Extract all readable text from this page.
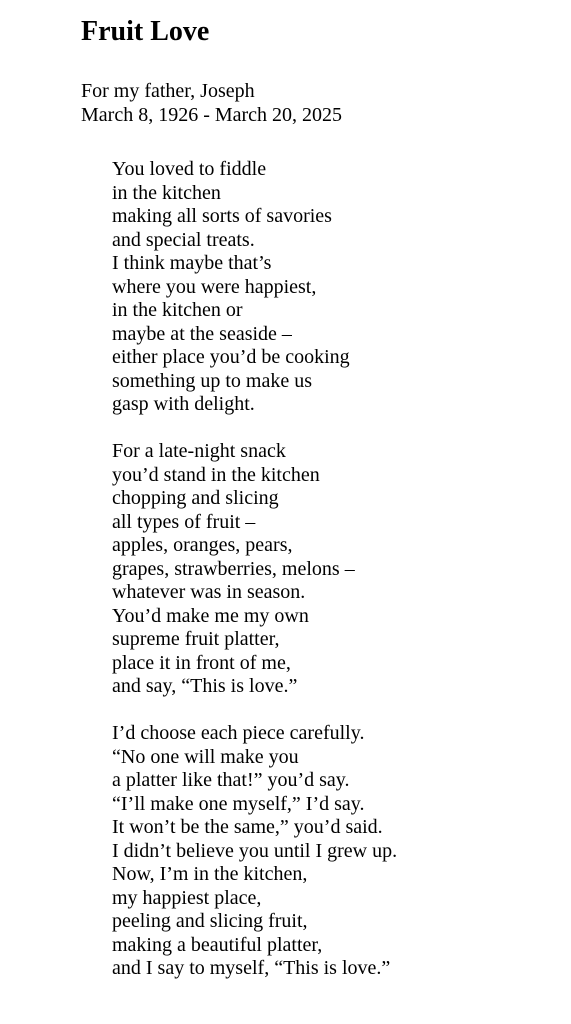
Fruit Love
For my father, Joseph
March 8, 1926 - March 20, 2025
You loved to fiddle
in the kitchen
making all sorts of savories
and special treats.
I think maybe that’s
where you were happiest,
in the kitchen or
maybe at the seaside –
either place you’d be cooking
something up to make us
gasp with delight.
For a late-night snack
you’d stand in the kitchen
chopping and slicing
all types of fruit –
apples, oranges, pears,
grapes, strawberries, melons –
whatever was in season.
You’d make me my own
supreme fruit platter,
place it in front of me,
and say, “This is love.”
I’d choose each piece carefully.
“No one will make you
a platter like that!” you’d say.
“I’ll make one myself,” I’d say.
It won’t be the same,” you’d said.
I didn’t believe you until I grew up.
Now, I’m in the kitchen,
my happiest place,
peeling and slicing fruit,
making a beautiful platter,
and I say to myself, “This is love.”
